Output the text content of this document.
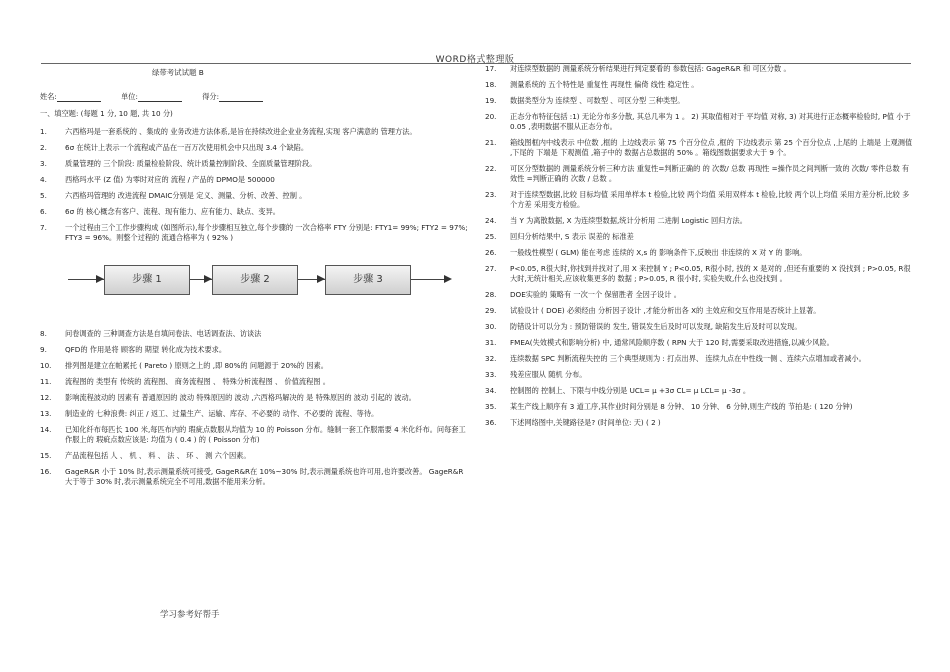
WORD格式整理版
绿带考试试题 B
姓名:	单位:	得分:
一、填空题: (每题 1 分, 10 题, 共 10 分)
1.	六西格玛是一套系统的 、集成的 业务改进方法体系,是旨在持续改进企业业务流程,实现 客户满意的 管理方法。
2.	6σ 在统计上表示一个流程或产品在一百万次使用机会中只出现 3.4 个缺陷。
3.	质量管理的 三个阶段: 质量检验阶段、统计质量控制阶段、全面质量管理阶段。
4.	西格玛水平 (Z 值) 为零时对应的 流程 / 产品的 DPMO是 500000
5.	六西格玛管理的 改进流程 DMAIC分别是 定义、测量、分析、改善、控制 。
6.	6σ 的 核心概念有客户、流程、现有能力、应有能力、缺点、变异。
7.	一个过程由三个工作步骤构成 (如图所示),每个步骤相互独立,每个步骤的 一次合格率 FTY 分别是: FTY1= 99%; FTY2 = 97%; FTY3 = 96%。则整个过程的 流通合格率为 ( 92% )
步骤 1	步骤 2	步骤 3
8.	问卷调查的 三种调查方法是自填问卷法、电话调查法、访谈法
9.	QFD的 作用是将 顾客的 期望 转化成为技术要求。
10.	排列图是建立在帕累托 ( Pareto ) 原则之上的 ,即 80%的 问题源于 20%的 因素。
11.	流程图的 类型有 传统的 流程图、 商务流程图 、 特殊分析流程图 、 价值流程图 。
12.	影响流程波动的 因素有 普通原因的 波动 特殊原因的 波动 ,六西格玛解决的 是 特殊原因的 波动 引起的 波动。
13.	制造业的 七种浪费: 纠正 / 返工、过量生产、运输、库存、不必要的 动作、不必要的 流程、等待。
14.	已知化纤布每匹长 100 米,每匹布内的 瑕疵点数服从均值为 10 的 Poisson 分布。缝制一套工作服需要 4 米化纤布。问每套工作服上的 瑕疵点数应该是: 均值为 ( 0.4 ) 的 ( Poisson 分布)
15.	产品流程包括 人 、 机 、 料 、 法 、 环 、 测 六个因素。
16.	GageR&R 小于 10% 时,表示测量系统可接受, GageR&R在 10%~30% 时,表示测量系统也许可用,也许要改善。 GageR&R 大于等于 30% 时,表示测量系统完全不可用,数据不能用来分析。
17.	对连续型数据的 测量系统分析结果进行判定要看的 参数包括: GageR&R 和 可区分数 。
18.	测量系统的 五个特性是 重复性 再现性 偏倚 线性 稳定性 。
19.	数据类型分为 连续型 、可数型 、可区分型 三种类型。
20.	正态分布特征包括 :1) 无论分布多分散, 其总几率为 1 。 2) 其取值相对于 平均值 对称, 3) 对其进行正态概率检验时, P值 小于 0.05 ,表明数据不服从正态分布。
21.	箱线图框内中线表示 中位数 ,框的 上边线表示 第 75 个百分位点 ,框的 下边线表示 第 25 个百分位点 ,上尾的 上端是 上观测值 ,下尾的 下端是 下观测值 ,箱子中的 数据占总数据的 50% 。箱线图数据要求大于 9 个。
22.	可区分型数据的 测量系统分析三种方法 重复性=判断正确的 的 次数/ 总数 再现性 =操作员之间判断一致的 次数/ 零件总数 有效性 =判断正确的 次数 / 总数 。
23.	对于连续型数据,比较 目标均值 采用单样本 t 检验,比较 两个均值 采用双样本 t 检验,比较 两个以上均值 采用方差分析,比较 多个方差 采用变方检验。
24.	当 Y 为离散数据, X 为连续型数据,统计分析用 二进制 Logistic 回归方法。
25.	回归分析结果中, S 表示 误差的 标准差
26.	一般线性模型 ( GLM) 能在考虑 连续的 X,s 的 影响条件下,反映出 非连续的 X 对 Y 的 影响。
27.	P<0.05, R很大时,你找到并找对了,用 X 来控制 Y ; P<0.05, R很小时, 找的 X 是对的 ,但还有重要的 X 没找到 ; P>0.05, R很大时,无统计相关,应该收集更多的 数据 ; P>0.05, R 很小时, 实验失败,什么也没找到 。
28.	DOE实验的 策略有 一次一个 保留胜者 全因子设计 。
29.	试验设计 ( DOE) 必须经由 分析因子设计 ,才能分析出各 X的 主效应和交互作用是否统计上显著。
30.	防错设计可以分为 : 预防错误的 发生, 错误发生后及时可以发现, 缺陷发生后及时可以发现。
31.	FMEA(失效模式和影响分析) 中, 通常风险顺序数 ( RPN 大于 120 时,需要采取改进措施,以减少风险。
32.	连续数据 SPC 判断流程失控的 三个典型规则为 : 打点出界、 连续九点在中性线一侧 、连续六点增加或者减小。
33.	残差应服从 随机 分布。
34.	控制图的 控制上、下限与中线分别是 UCL= μ +3σ CL= μ LCL= μ -3σ 。
35.	某生产线上顺序有 3 道工序,其作业时间分别是 8 分钟、 10 分钟、 6 分钟,则生产线的 节拍是: ( 120 分钟)
36.	下述网络图中,关键路径是? (时间单位: 天) ( 2 )
学习参考好帮手
